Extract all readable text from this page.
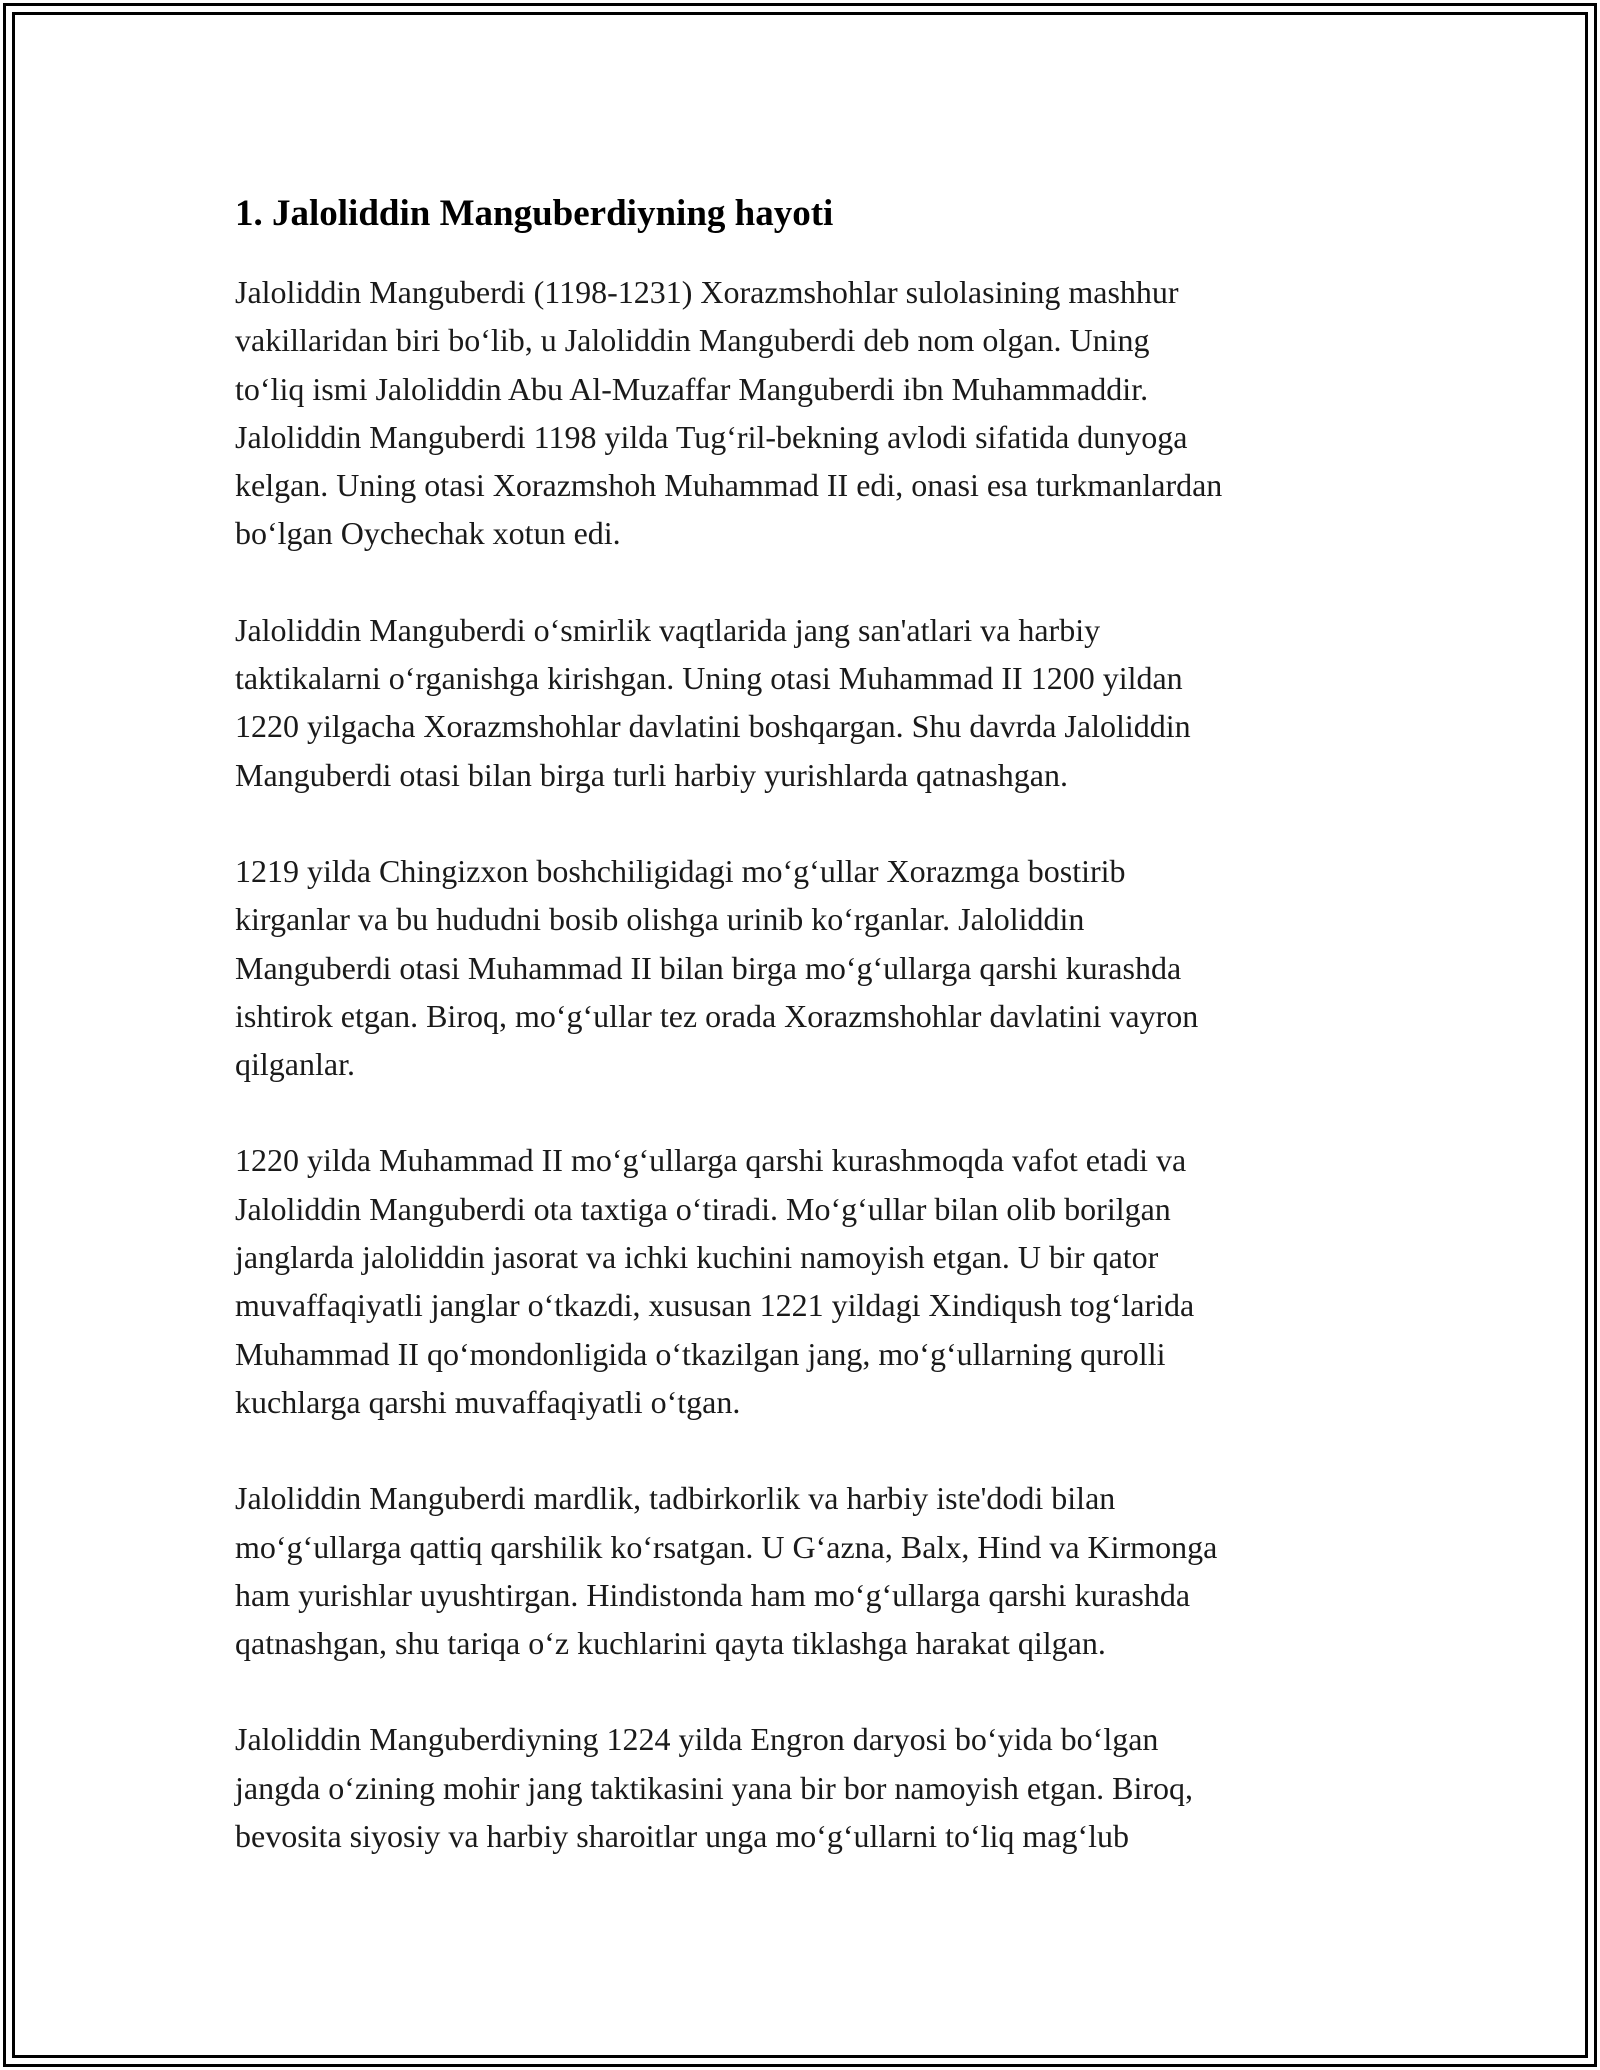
1. Jaloliddin Manguberdiyning hayoti
Jaloliddin Manguberdi (1198-1231) Xorazmshohlar sulolasining mashhur
vakillaridan biri bo‘lib, u Jaloliddin Manguberdi deb nom olgan. Uning
to‘liq ismi Jaloliddin Abu Al-Muzaffar Manguberdi ibn Muhammaddir.
Jaloliddin Manguberdi 1198 yilda Tug‘ril-bekning avlodi sifatida dunyoga
kelgan. Uning otasi Xorazmshoh Muhammad II edi, onasi esa turkmanlardan
bo‘lgan Oychechak xotun edi.
Jaloliddin Manguberdi o‘smirlik vaqtlarida jang san'atlari va harbiy
taktikalarni o‘rganishga kirishgan. Uning otasi Muhammad II 1200 yildan
1220 yilgacha Xorazmshohlar davlatini boshqargan. Shu davrda Jaloliddin
Manguberdi otasi bilan birga turli harbiy yurishlarda qatnashgan.
1219 yilda Chingizxon boshchiligidagi mo‘g‘ullar Xorazmga bostirib
kirganlar va bu hududni bosib olishga urinib ko‘rganlar. Jaloliddin
Manguberdi otasi Muhammad II bilan birga mo‘g‘ullarga qarshi kurashda
ishtirok etgan. Biroq, mo‘g‘ullar tez orada Xorazmshohlar davlatini vayron
qilganlar.
1220 yilda Muhammad II mo‘g‘ullarga qarshi kurashmoqda vafot etadi va
Jaloliddin Manguberdi ota taxtiga o‘tiradi. Mo‘g‘ullar bilan olib borilgan
janglarda jaloliddin jasorat va ichki kuchini namoyish etgan. U bir qator
muvaffaqiyatli janglar o‘tkazdi, xususan 1221 yildagi Xindiqush tog‘larida
Muhammad II qo‘mondonligida o‘tkazilgan jang, mo‘g‘ullarning qurolli
kuchlarga qarshi muvaffaqiyatli o‘tgan.
Jaloliddin Manguberdi mardlik, tadbirkorlik va harbiy iste'dodi bilan
mo‘g‘ullarga qattiq qarshilik ko‘rsatgan. U G‘azna, Balx, Hind va Kirmonga
ham yurishlar uyushtirgan. Hindistonda ham mo‘g‘ullarga qarshi kurashda
qatnashgan, shu tariqa o‘z kuchlarini qayta tiklashga harakat qilgan.
Jaloliddin Manguberdiyning 1224 yilda Engron daryosi bo‘yida bo‘lgan
jangda o‘zining mohir jang taktikasini yana bir bor namoyish etgan. Biroq,
bevosita siyosiy va harbiy sharoitlar unga mo‘g‘ullarni to‘liq mag‘lub
